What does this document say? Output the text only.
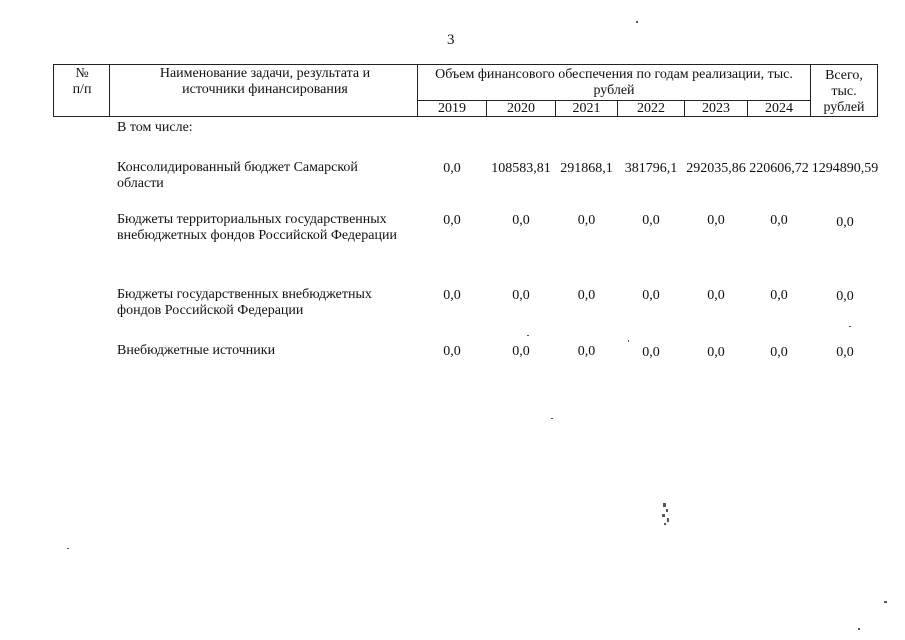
3
№
п/п
Наименование задачи, результата и источники финансирования
Объем финансового обеспечения по годам реализации, тыс. рублей
Всего, тыс. рублей
2019	2020	2021	2022	2023	2024
В том числе:
Консолидированный бюджет Самарской области
0,0	108583,81 291868,1 381796,1 292035,86 220606,72 1294890,59
Бюджеты территориальных государственных внебюджетных фондов Российской Федерации
0,0	0,0	0,0	0,0	0,0	0,0	0,0
Бюджеты государственных внебюджетных фондов Российской Федерации
0,0	0,0	0,0	0,0	0,0	0,0	0,0
Внебюджетные источники	0,0	0,0	0,0	0,0	0,0	0,0	0,0
